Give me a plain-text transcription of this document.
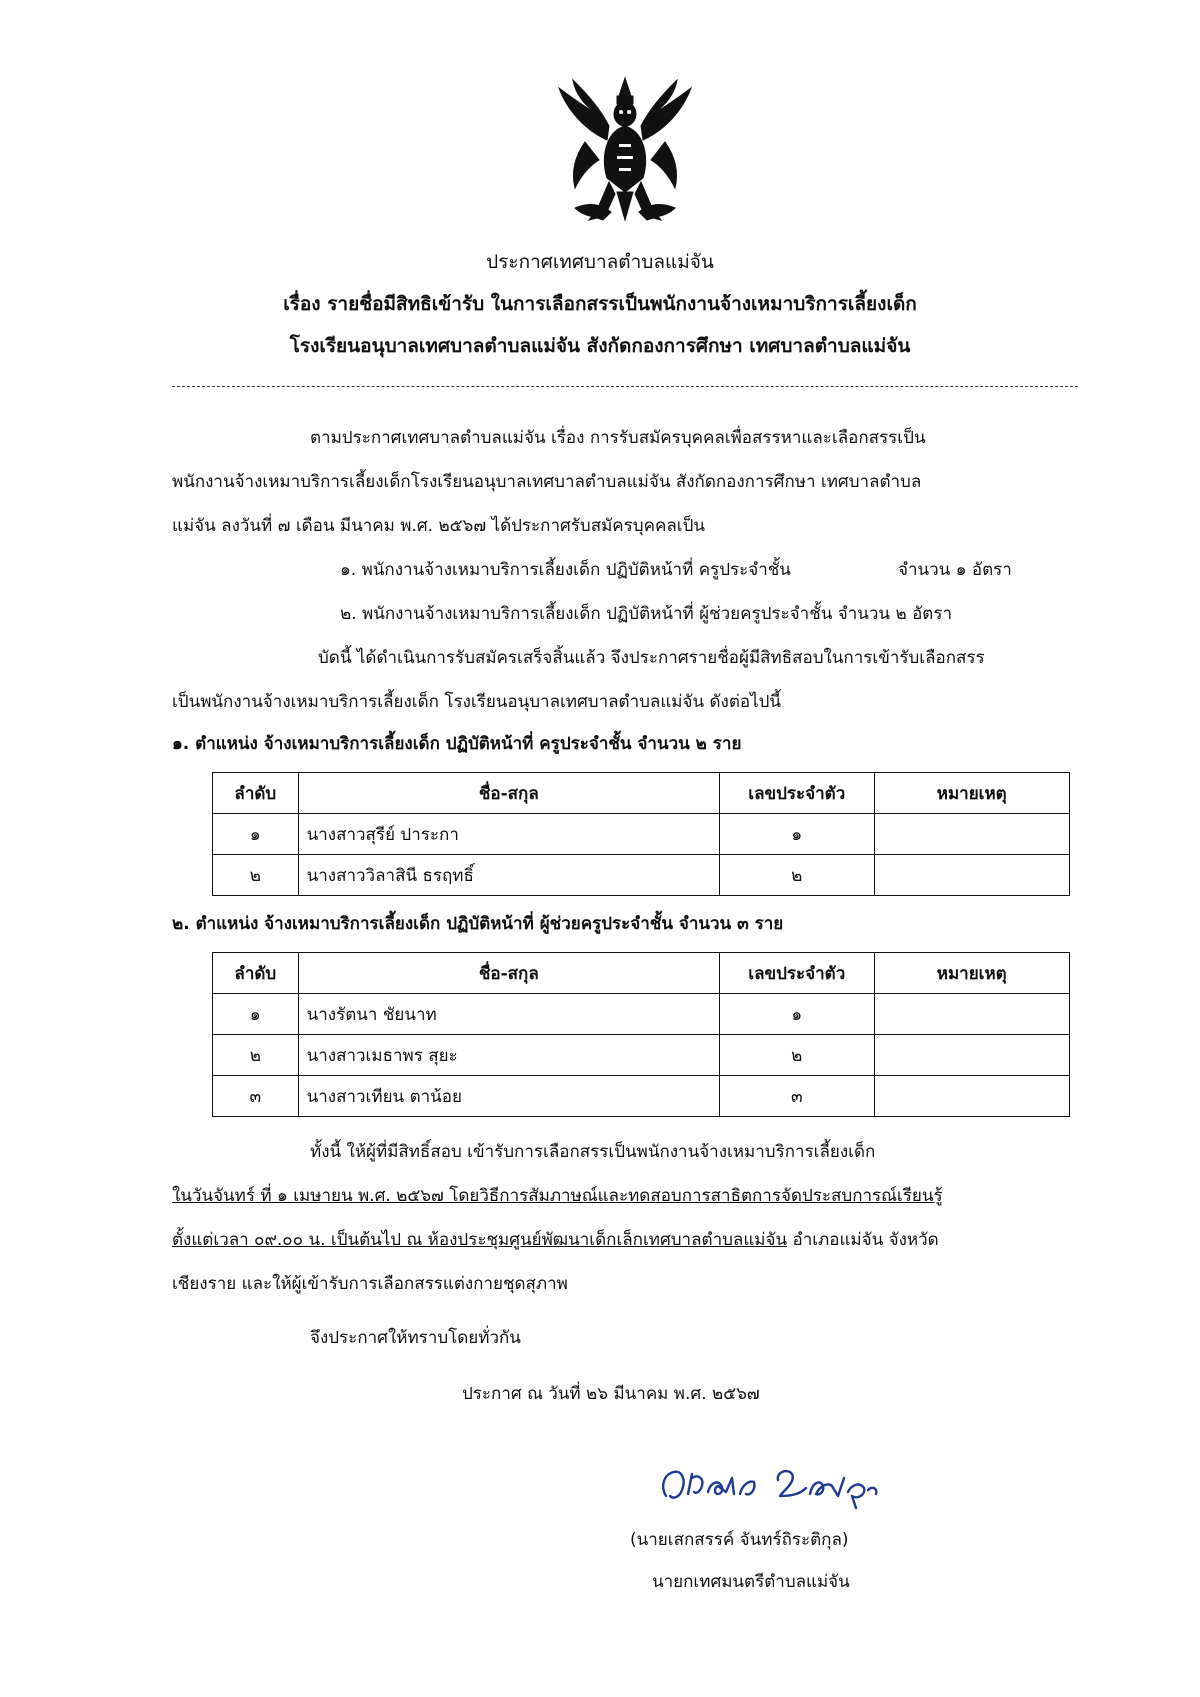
ประกาศเทศบาลตำบลแม่จัน
เรื่อง รายชื่อมีสิทธิเข้ารับ ในการเลือกสรรเป็นพนักงานจ้างเหมาบริการเลี้ยงเด็ก
โรงเรียนอนุบาลเทศบาลตำบลแม่จัน สังกัดกองการศึกษา เทศบาลตำบลแม่จัน
ตามประกาศเทศบาลตำบลแม่จัน เรื่อง การรับสมัครบุคคลเพื่อสรรหาและเลือกสรรเป็น
พนักงานจ้างเหมาบริการเลี้ยงเด็กโรงเรียนอนุบาลเทศบาลตำบลแม่จัน สังกัดกองการศึกษา เทศบาลตำบล
แม่จัน ลงวันที่ ๗ เดือน มีนาคม พ.ศ. ๒๕๖๗ ได้ประกาศรับสมัครบุคคลเป็น
๑. พนักงานจ้างเหมาบริการเลี้ยงเด็ก ปฏิบัติหน้าที่ ครูประจำชั้น	จำนวน ๑ อัตรา
๒. พนักงานจ้างเหมาบริการเลี้ยงเด็ก ปฏิบัติหน้าที่ ผู้ช่วยครูประจำชั้น จำนวน ๒ อัตรา
บัดนี้ ได้ดำเนินการรับสมัครเสร็จสิ้นแล้ว จึงประกาศรายชื่อผู้มีสิทธิสอบในการเข้ารับเลือกสรร
เป็นพนักงานจ้างเหมาบริการเลี้ยงเด็ก โรงเรียนอนุบาลเทศบาลตำบลแม่จัน ดังต่อไปนี้
๑. ตำแหน่ง จ้างเหมาบริการเลี้ยงเด็ก ปฏิบัติหน้าที่ ครูประจำชั้น จำนวน ๒ ราย
ลำดับ	ชื่อ-สกุล	เลขประจำตัว	หมายเหตุ
๑	นางสาวสุรีย์ ปาระกา	๑	
๒	นางสาววิลาสินี ธรฤทธิ์	๒	
๒. ตำแหน่ง จ้างเหมาบริการเลี้ยงเด็ก ปฏิบัติหน้าที่ ผู้ช่วยครูประจำชั้น จำนวน ๓ ราย
ลำดับ	ชื่อ-สกุล	เลขประจำตัว	หมายเหตุ
๑	นางรัตนา ชัยนาท	๑	
๒	นางสาวเมธาพร สุยะ	๒	
๓	นางสาวเทียน ตาน้อย	๓	
ทั้งนี้ ให้ผู้ที่มีสิทธิ์สอบ เข้ารับการเลือกสรรเป็นพนักงานจ้างเหมาบริการเลี้ยงเด็ก
ในวันจันทร์ ที่ ๑ เมษายน พ.ศ. ๒๕๖๗ โดยวิธีการสัมภาษณ์และทดสอบการสาธิตการจัดประสบการณ์เรียนรู้
ตั้งแต่เวลา ๐๙.๐๐ น. เป็นต้นไป ณ ห้องประชุมศูนย์พัฒนาเด็กเล็กเทศบาลตำบลแม่จัน อำเภอแม่จัน จังหวัด
เชียงราย และให้ผู้เข้ารับการเลือกสรรแต่งกายชุดสุภาพ
จึงประกาศให้ทราบโดยทั่วกัน
ประกาศ ณ วันที่ ๒๖ มีนาคม พ.ศ. ๒๕๖๗
(นายเสกสรรค์ จันทร์ถิระติกุล)
นายกเทศมนตรีตำบลแม่จัน
